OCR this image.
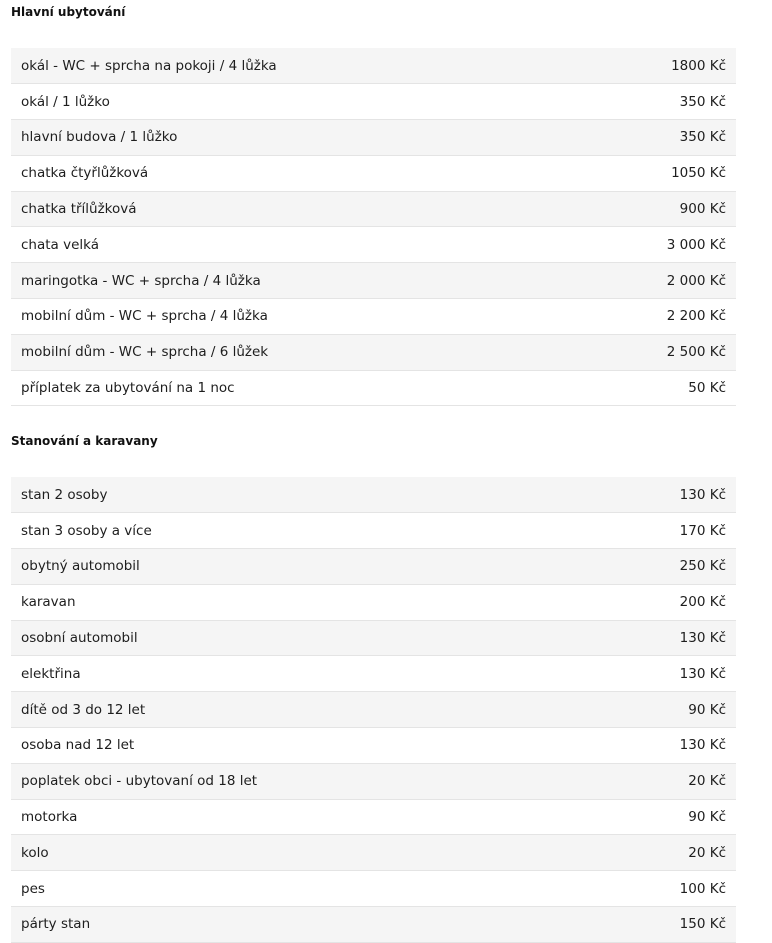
Hlavní ubytování
okál - WC + sprcha na pokoji / 4 lůžka	1800 Kč
okál / 1 lůžko	350 Kč
hlavní budova / 1 lůžko	350 Kč
chatka čtyřlůžková	1050 Kč
chatka třílůžková	900 Kč
chata velká	3 000 Kč
maringotka - WC + sprcha / 4 lůžka	2 000 Kč
mobilní dům - WC + sprcha / 4 lůžka	2 200 Kč
mobilní dům - WC + sprcha / 6 lůžek	2 500 Kč
příplatek za ubytování na 1 noc	50 Kč
Stanování a karavany
stan 2 osoby	130 Kč
stan 3 osoby a více	170 Kč
obytný automobil	250 Kč
karavan	200 Kč
osobní automobil	130 Kč
elektřina	130 Kč
dítě od 3 do 12 let	90 Kč
osoba nad 12 let	130 Kč
poplatek obci - ubytovaní od 18 let	20 Kč
motorka	90 Kč
kolo	20 Kč
pes	100 Kč
párty stan	150 Kč
